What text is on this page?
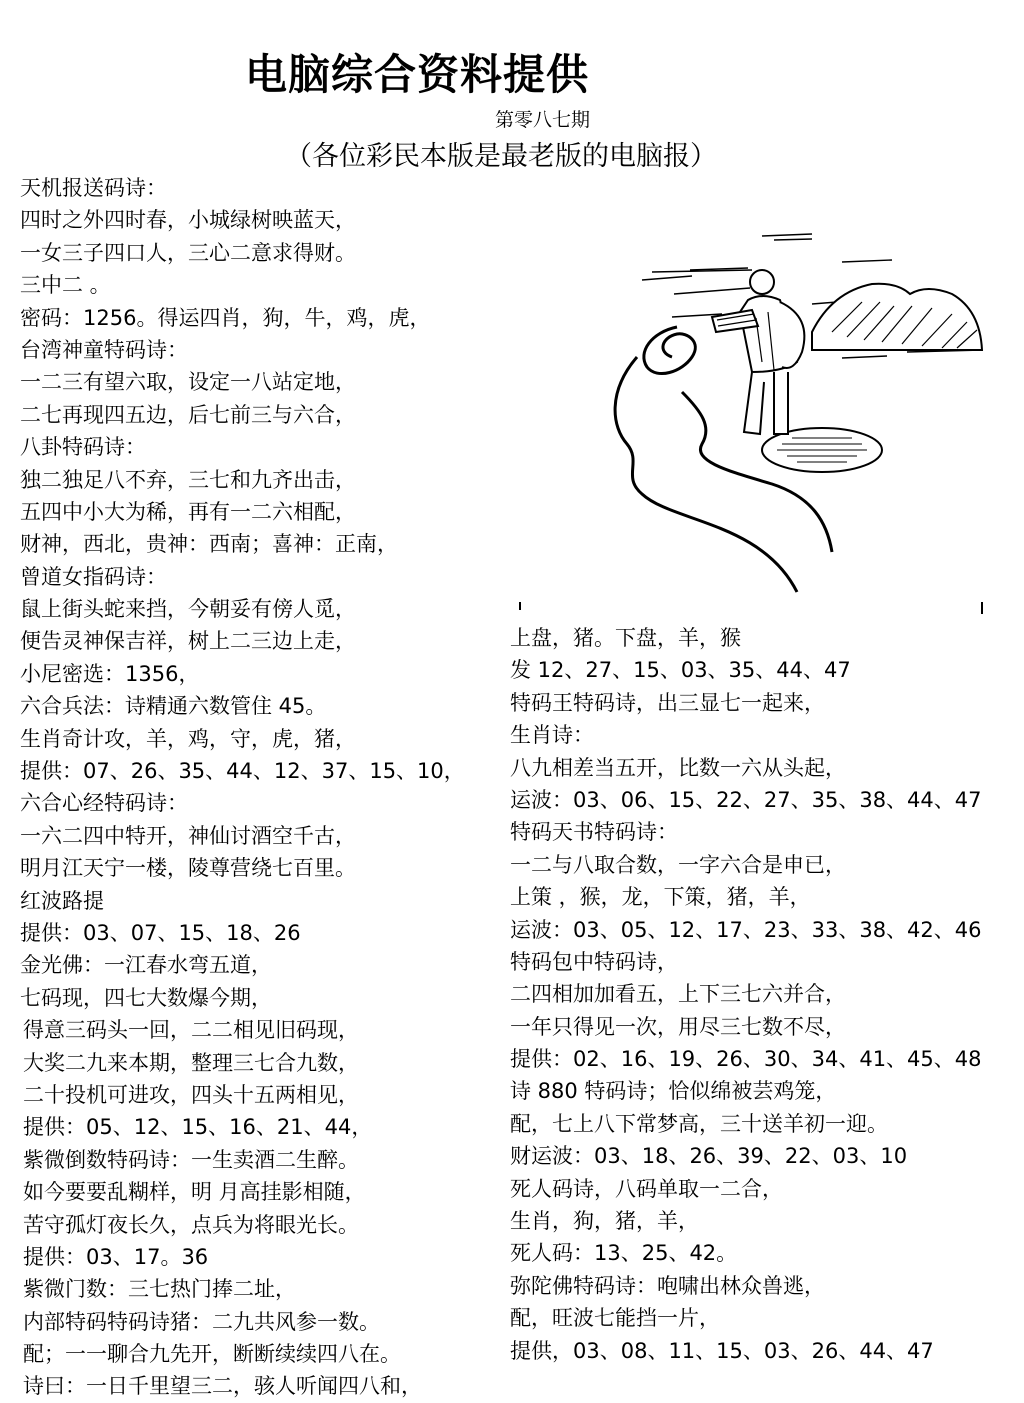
电脑综合资料提供
第零八七期
（各位彩民本版是最老版的电脑报）
天机报送码诗：
四时之外四时春，小城绿树映蓝天，
一女三子四口人，三心二意求得财。
三中二 。
密码：1256。得运四肖，狗，牛，鸡，虎，
台湾神童特码诗：
一二三有望六取，设定一八站定地，
二七再现四五边，后七前三与六合，
八卦特码诗：
独二独足八不弃，三七和九齐出击，
五四中小大为稀，再有一二六相配，
财神，西北，贵神：西南；喜神：正南，
曾道女指码诗：
鼠上街头蛇来挡，今朝妥有傍人觅，
便告灵神保吉祥，树上二三边上走，
小尼密选：1356，
六合兵法：诗精通六数管住 45。
生肖奇计攻，羊，鸡，守，虎，猪，
提供：07、26、35、44、12、37、15、10，
六合心经特码诗：
一六二四中特开，神仙讨酒空千古，
明月江天宁一楼，陵尊营绕七百里。
红波路提
提供：03、07、15、18、26
金光佛：一江春水弯五道，
七码现，四七大数爆今期，
得意三码头一回，二二相见旧码现，
大奖二九来本期，整理三七合九数，
二十投机可进攻，四头十五两相见，
提供：05、12、15、16、21、44，
紫微倒数特码诗：一生卖酒二生醉。
如今要要乱糊样，明 月高挂影相随，
苦守孤灯夜长久，点兵为将眼光长。
提供：03、17。36
紫微门数：三七热门捧二址，
内部特码特码诗猪：二九共风参一数。
配；一一聊合九先开，断断续续四八在。
诗曰：一日千里望三二，骇人听闻四八和，
上盘，猪。下盘，羊，猴
发 12、27、15、03、35、44、47
特码王特码诗，出三显七一起来，
生肖诗：
八九相差当五开，比数一六从头起，
运波：03、06、15、22、27、35、38、44、47
特码天书特码诗：
一二与八取合数，一字六合是申已，
上策 ，猴，龙，下策，猪，羊，
运波：03、05、12、17、23、33、38、42、46
特码包中特码诗，
二四相加加看五，上下三七六并合，
一年只得见一次，用尽三七数不尽，
提供：02、16、19、26、30、34、41、45、48
诗 880 特码诗；恰似绵被芸鸡笼，
配，七上八下常梦高，三十送羊初一迎。
财运波：03、18、26、39、22、03、10
死人码诗，八码单取一二合，
生肖，狗，猪，羊，
死人码：13、25、42。
弥陀佛特码诗：咆啸出林众兽逃，
配，旺波七能挡一片，
提供，03、08、11、15、03、26、44、47
